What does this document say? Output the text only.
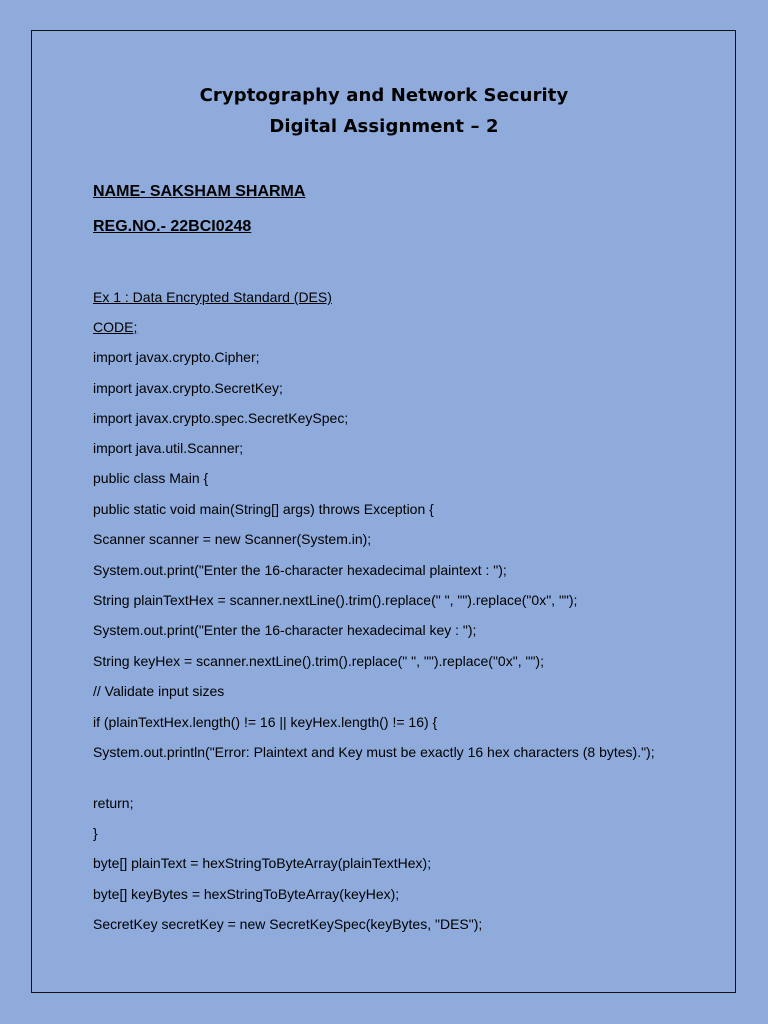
Cryptography and Network Security
Digital Assignment – 2
NAME- SAKSHAM SHARMA
REG.NO.- 22BCI0248
Ex 1 : Data Encrypted Standard (DES)
CODE;
import javax.crypto.Cipher;
import javax.crypto.SecretKey;
import javax.crypto.spec.SecretKeySpec;
import java.util.Scanner;
public class Main {
public static void main(String[] args) throws Exception {
Scanner scanner = new Scanner(System.in);
System.out.print("Enter the 16-character hexadecimal plaintext : ");
String plainTextHex = scanner.nextLine().trim().replace(" ", "").replace("0x", "");
System.out.print("Enter the 16-character hexadecimal key : ");
String keyHex = scanner.nextLine().trim().replace(" ", "").replace("0x", "");
// Validate input sizes
if (plainTextHex.length() != 16 || keyHex.length() != 16) {
System.out.println("Error: Plaintext and Key must be exactly 16 hex characters (8 bytes).");
return;
}
byte[] plainText = hexStringToByteArray(plainTextHex);
byte[] keyBytes = hexStringToByteArray(keyHex);
SecretKey secretKey = new SecretKeySpec(keyBytes, "DES");
